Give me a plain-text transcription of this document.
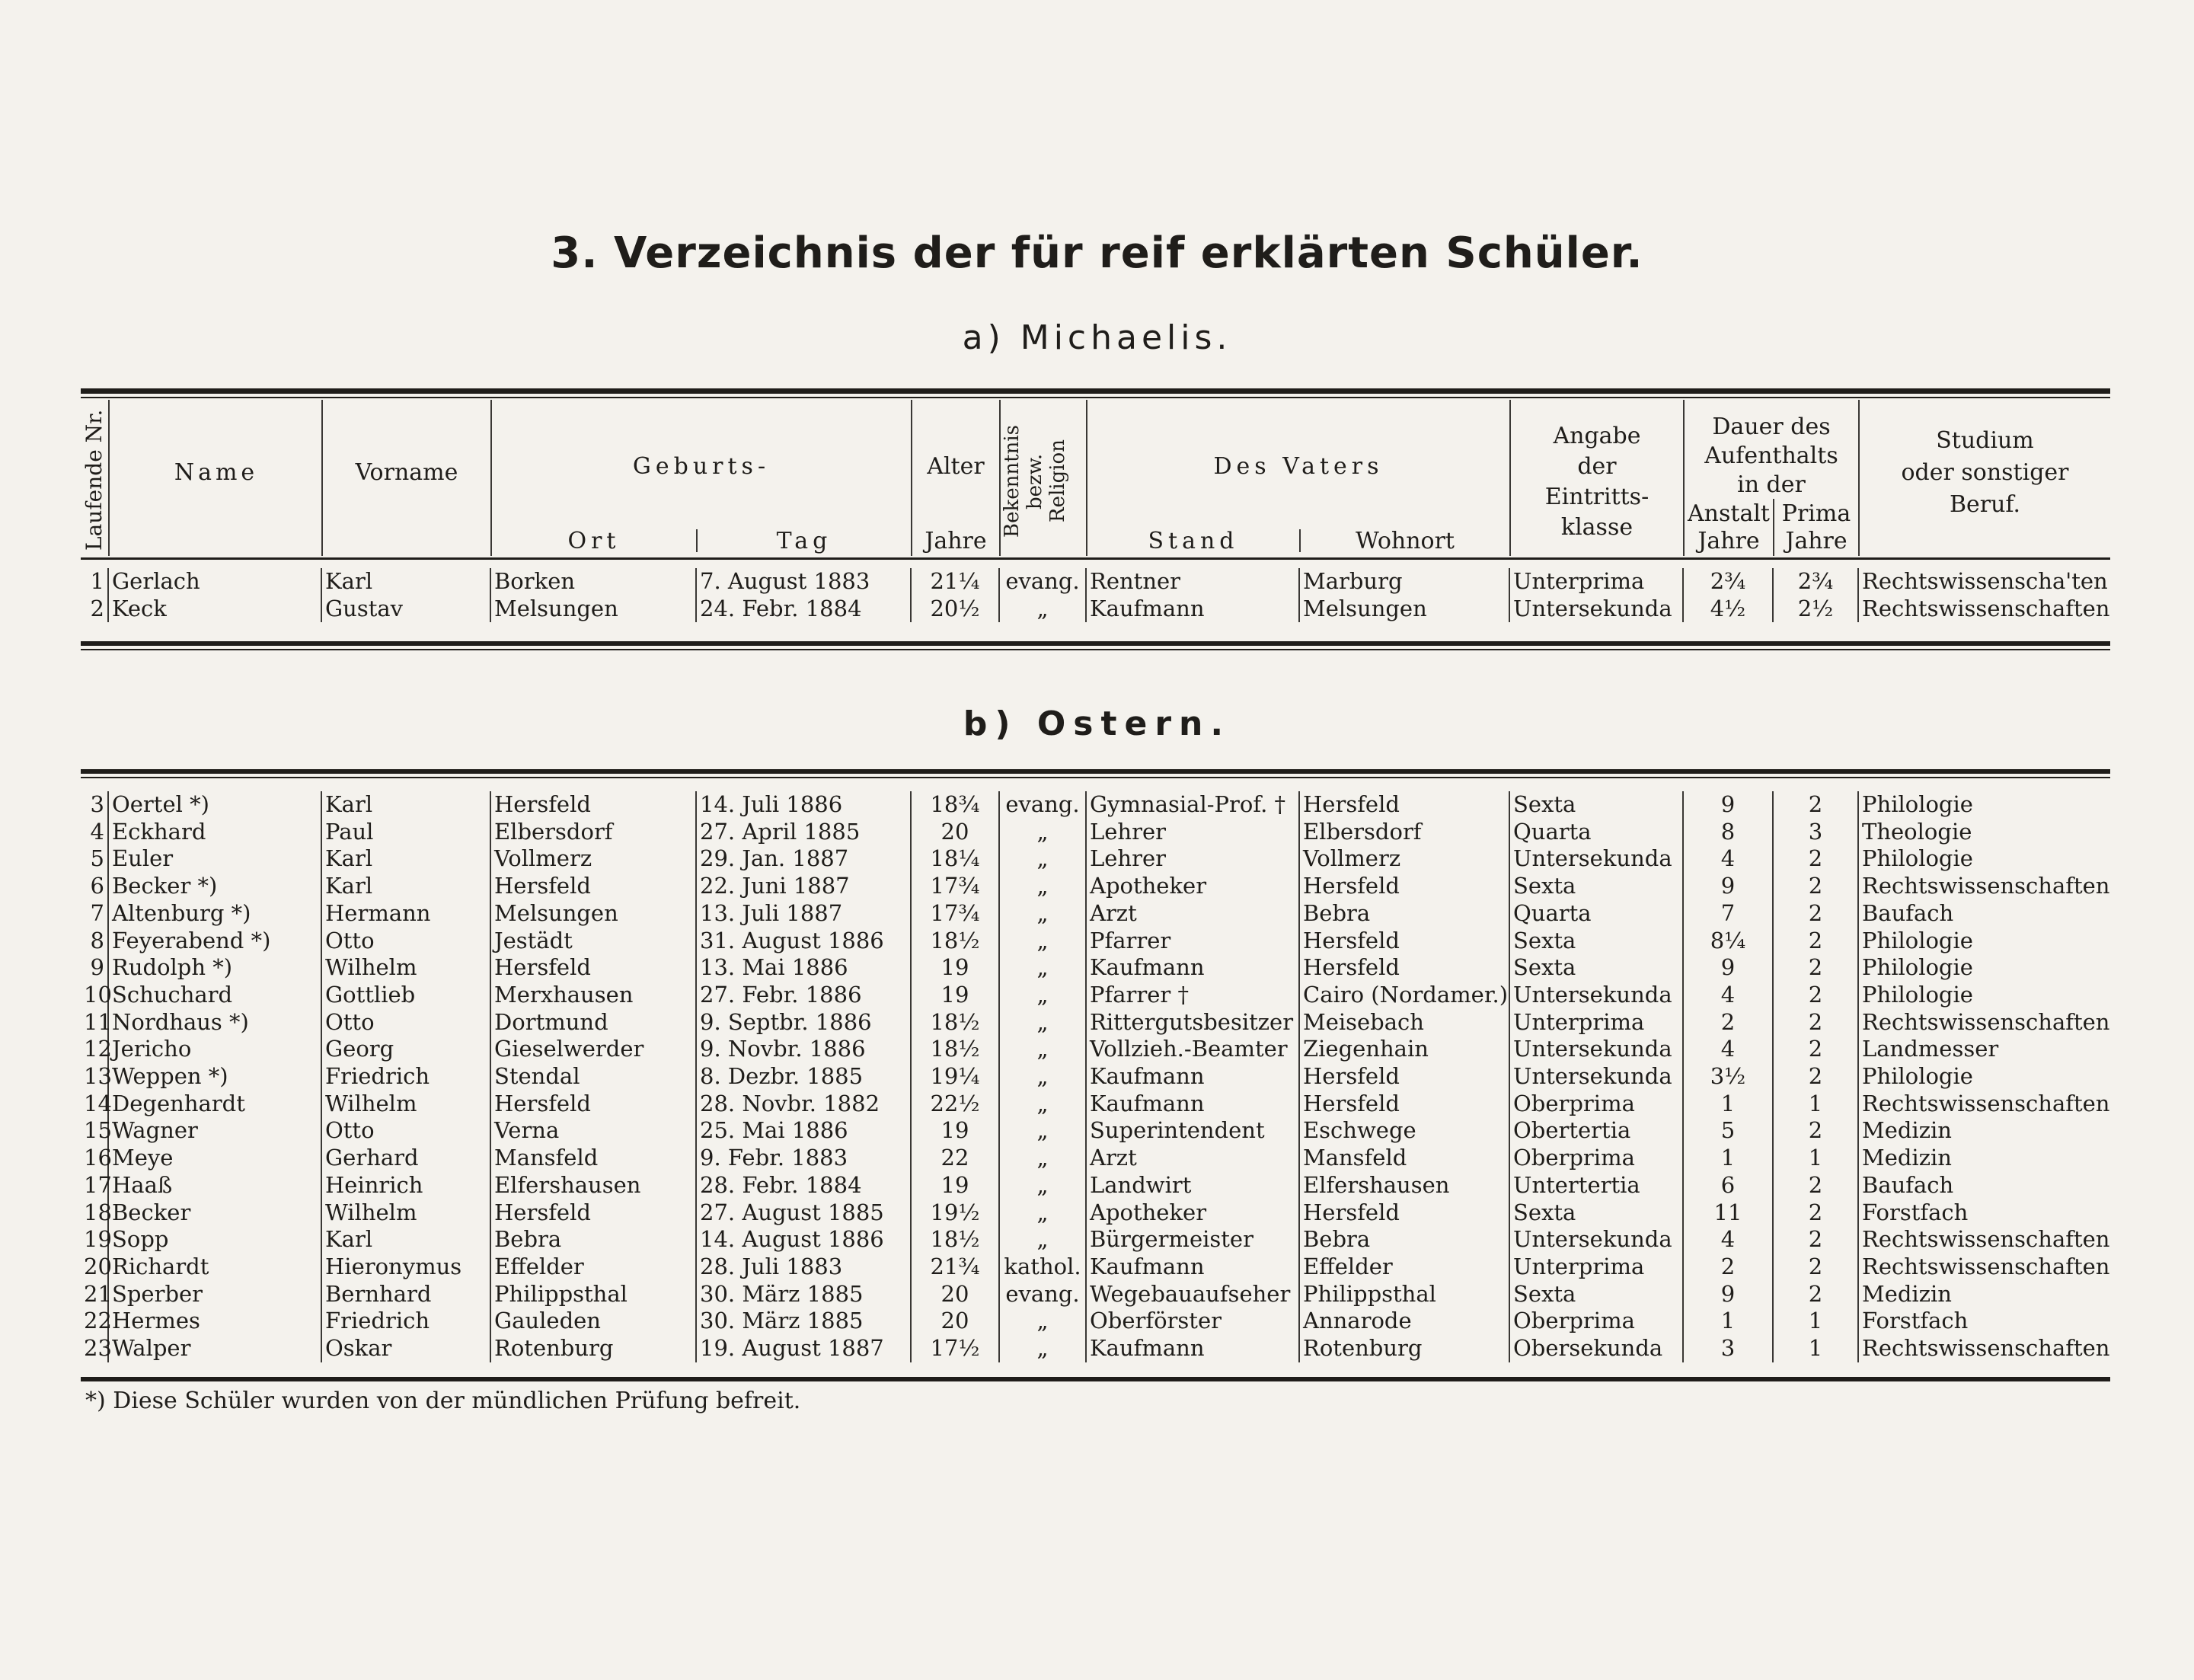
3. Verzeichnis der für reif erklärten Schüler.
a) Michaelis.
Laufende Nr.	Name	Vorname	Geburts-
Ort	Tag
Alter
Jahre
Bekenntnis bezw. Religion	Des Vaters
Stand	Wohnort
Angabe
der
Eintritts-
klasse
Dauer des
Aufenthalts
in der
Anstalt Prima
Jahre	Jahre
Studium
oder sonstiger
Beruf.
1	Gerlach	Karl	Borken	7. August 1883	21¼	evang.	Rentner	Marburg	Unterprima	2¾	2¾	Rechtswissenscha'ten
2	Keck	Gustav	Melsungen	24. Febr. 1884	20½	„	Kaufmann	Melsungen	Untersekunda	4½	2½	Rechtswissenschaften
b) Ostern.
3	Oertel *)	Karl	Hersfeld	14. Juli 1886	18¾	evang.	Gymnasial-Prof. †	Hersfeld	Sexta	9	2	Philologie
4	Eckhard	Paul	Elbersdorf	27. April 1885	20	„	Lehrer	Elbersdorf	Quarta	8	3	Theologie
5	Euler	Karl	Vollmerz	29. Jan. 1887	18¼	„	Lehrer	Vollmerz	Untersekunda	4	2	Philologie
6	Becker *)	Karl	Hersfeld	22. Juni 1887	17¾	„	Apotheker	Hersfeld	Sexta	9	2	Rechtswissenschaften
7	Altenburg *)	Hermann	Melsungen	13. Juli 1887	17¾	„	Arzt	Bebra	Quarta	7	2	Baufach
8	Feyerabend *)	Otto	Jestädt	31. August 1886	18½	„	Pfarrer	Hersfeld	Sexta	8¼	2	Philologie
9	Rudolph *)	Wilhelm	Hersfeld	13. Mai 1886	19	„	Kaufmann	Hersfeld	Sexta	9	2	Philologie
10	Schuchard	Gottlieb	Merxhausen	27. Febr. 1886	19	„	Pfarrer †	Cairo (Nordamer.)	Untersekunda	4	2	Philologie
11	Nordhaus *)	Otto	Dortmund	9. Septbr. 1886	18½	„	Rittergutsbesitzer	Meisebach	Unterprima	2	2	Rechtswissenschaften
12	Jericho	Georg	Gieselwerder	9. Novbr. 1886	18½	„	Vollzieh.-Beamter	Ziegenhain	Untersekunda	4	2	Landmesser
13	Weppen *)	Friedrich	Stendal	8. Dezbr. 1885	19¼	„	Kaufmann	Hersfeld	Untersekunda	3½	2	Philologie
14	Degenhardt	Wilhelm	Hersfeld	28. Novbr. 1882	22½	„	Kaufmann	Hersfeld	Oberprima	1	1	Rechtswissenschaften
15	Wagner	Otto	Verna	25. Mai 1886	19	„	Superintendent	Eschwege	Obertertia	5	2	Medizin
16	Meye	Gerhard	Mansfeld	9. Febr. 1883	22	„	Arzt	Mansfeld	Oberprima	1	1	Medizin
17	Haaß	Heinrich	Elfershausen	28. Febr. 1884	19	„	Landwirt	Elfershausen	Untertertia	6	2	Baufach
18	Becker	Wilhelm	Hersfeld	27. August 1885	19½	„	Apotheker	Hersfeld	Sexta	11	2	Forstfach
19	Sopp	Karl	Bebra	14. August 1886	18½	„	Bürgermeister	Bebra	Untersekunda	4	2	Rechtswissenschaften
20	Richardt	Hieronymus	Effelder	28. Juli 1883	21¾	kathol.	Kaufmann	Effelder	Unterprima	2	2	Rechtswissenschaften
21	Sperber	Bernhard	Philippsthal	30. März 1885	20	evang.	Wegebauaufseher	Philippsthal	Sexta	9	2	Medizin
22	Hermes	Friedrich	Gauleden	30. März 1885	20	„	Oberförster	Annarode	Oberprima	1	1	Forstfach
23	Walper	Oskar	Rotenburg	19. August 1887	17½	„	Kaufmann	Rotenburg	Obersekunda	3	1	Rechtswissenschaften
*) Diese Schüler wurden von der mündlichen Prüfung befreit.
